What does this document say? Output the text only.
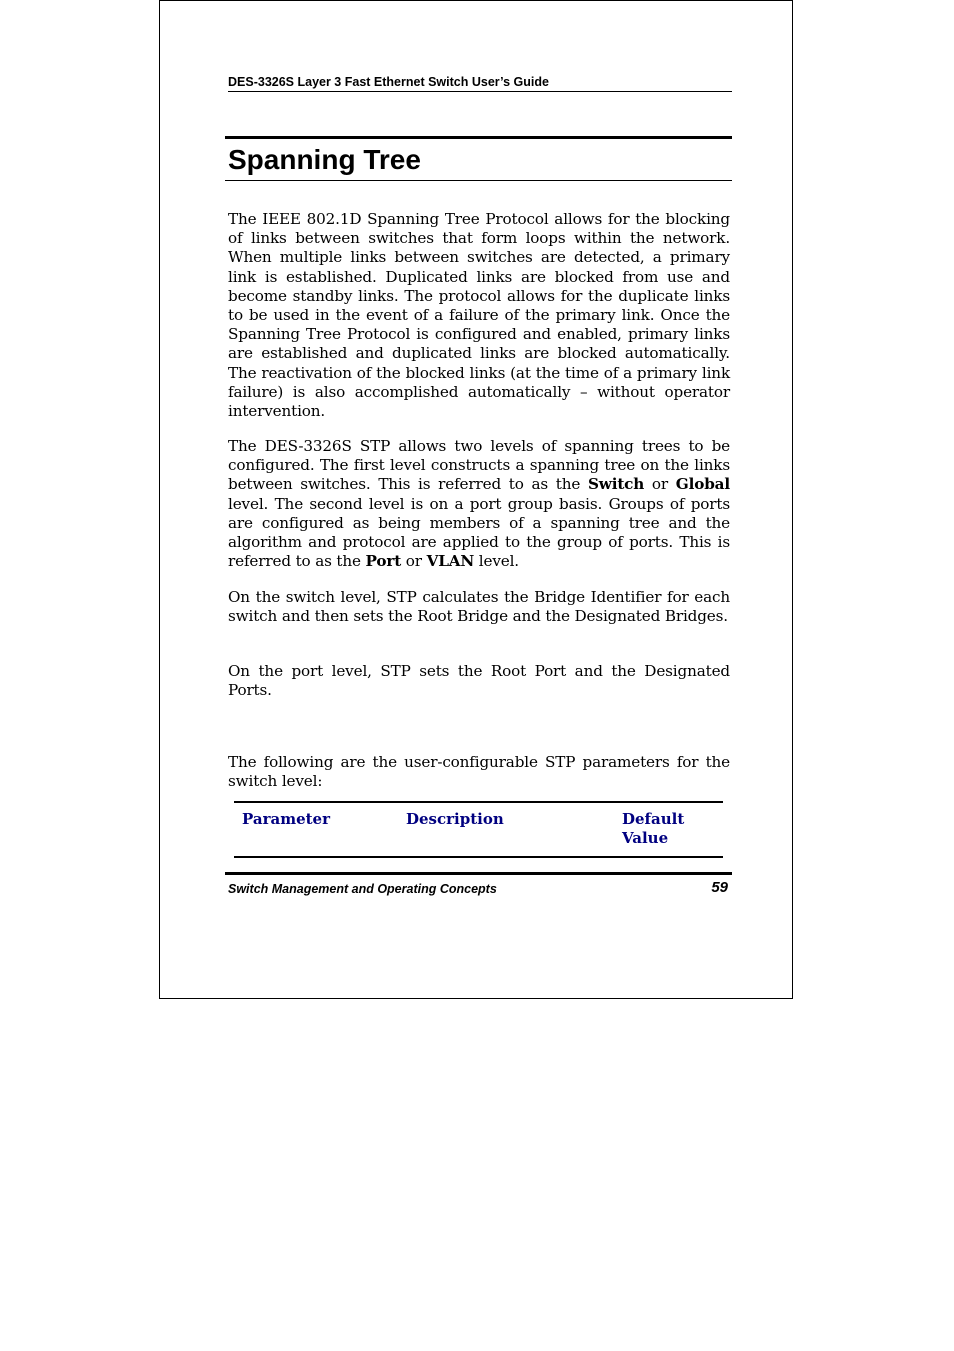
DES-3326S Layer 3 Fast Ethernet Switch User’s Guide
Spanning Tree

The IEEE 802.1D Spanning Tree Protocol allows for the blocking of links between switches that form loops within the network. When multiple links between switches are detected, a primary link is established. Duplicated links are blocked from use and become standby links. The protocol allows for the duplicate links to be used in the event of a failure of the primary link. Once the Spanning Tree Protocol is configured and enabled, primary links are established and duplicated links are blocked automatically. The reactivation of the blocked links (at the time of a primary link failure) is also accomplished automatically – without operator intervention.

The DES-3326S STP allows two levels of spanning trees to be configured. The first level constructs a spanning tree on the links between switches. This is referred to as the Switch or Global level. The second level is on a port group basis. Groups of ports are configured as being members of a spanning tree and the algorithm and protocol are applied to the group of ports. This is referred to as the Port or VLAN level.

On the switch level, STP calculates the Bridge Identifier for each switch and then sets the Root Bridge and the Designated Bridges.

On the port level, STP sets the Root Port and the Designated Ports.

The following are the user-configurable STP parameters for the switch level:

Parameter	Description	Default Value
Switch Management and Operating Concepts	59
